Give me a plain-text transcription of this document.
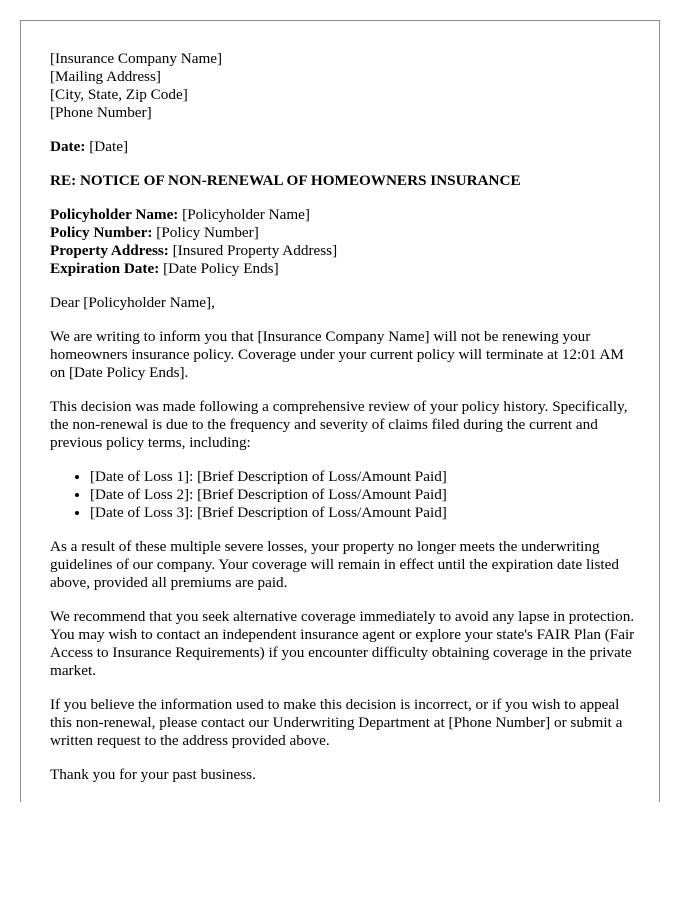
[Insurance Company Name]

[Mailing Address]

[City, State, Zip Code]

[Phone Number]

Date: [Date]

RE: NOTICE OF NON-RENEWAL OF HOMEOWNERS INSURANCE

Policyholder Name: [Policyholder Name]

Policy Number: [Policy Number]

Property Address: [Insured Property Address]

Expiration Date: [Date Policy Ends]

Dear [Policyholder Name],

We are writing to inform you that [Insurance Company Name] will not be renewing your homeowners insurance policy. Coverage under your current policy will terminate at 12:01 AM on [Date Policy Ends].

This decision was made following a comprehensive review of your policy history. Specifically, the non-renewal is due to the frequency and severity of claims filed during the current and previous policy terms, including:

• [Date of Loss 1]: [Brief Description of Loss/Amount Paid]
• [Date of Loss 2]: [Brief Description of Loss/Amount Paid]
• [Date of Loss 3]: [Brief Description of Loss/Amount Paid]

As a result of these multiple severe losses, your property no longer meets the underwriting guidelines of our company. Your coverage will remain in effect until the expiration date listed above, provided all premiums are paid.

We recommend that you seek alternative coverage immediately to avoid any lapse in protection. You may wish to contact an independent insurance agent or explore your state's FAIR Plan (Fair Access to Insurance Requirements) if you encounter difficulty obtaining coverage in the private market.

If you believe the information used to make this decision is incorrect, or if you wish to appeal this non-renewal, please contact our Underwriting Department at [Phone Number] or submit a written request to the address provided above.

Thank you for your past business.
